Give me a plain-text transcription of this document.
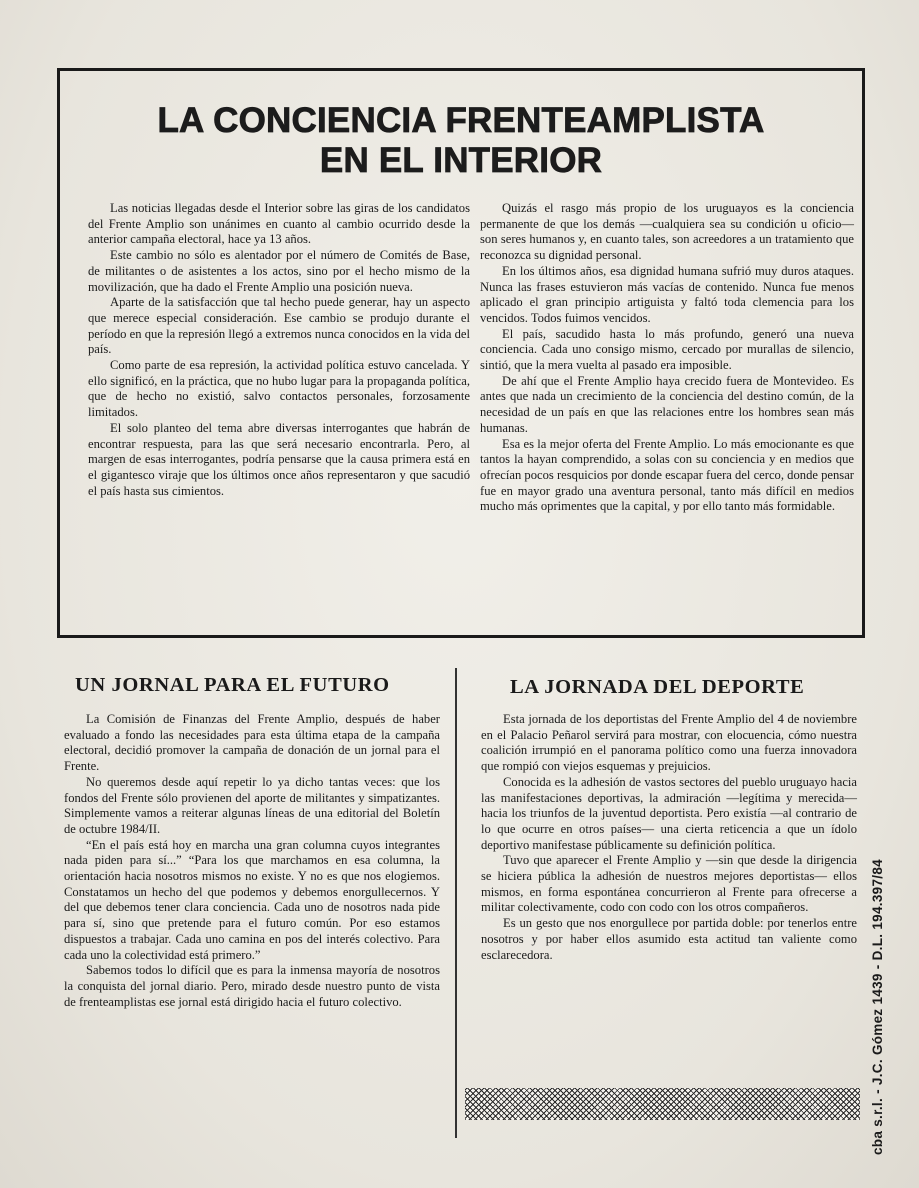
LA CONCIENCIA FRENTEAMPLISTA
EN EL INTERIOR

Las noticias llegadas desde el Interior sobre las giras de los candidatos del Frente Amplio son unánimes en cuanto al cambio ocurrido desde la anterior campaña electoral, hace ya 13 años.

Este cambio no sólo es alentador por el número de Comités de Base, de militantes o de asistentes a los actos, sino por el hecho mismo de la movilización, que ha dado el Frente Amplio una posición nueva.

Aparte de la satisfacción que tal hecho puede generar, hay un aspecto que merece especial consideración. Ese cambio se produjo durante el período en que la represión llegó a extremos nunca conocidos en la vida del país.

Como parte de esa represión, la actividad política estuvo cancelada. Y ello significó, en la práctica, que no hubo lugar para la propaganda política, que de hecho no existió, salvo contactos personales, forzosamente limitados.

El solo planteo del tema abre diversas interrogantes que habrán de encontrar respuesta, para las que será necesario encontrarla. Pero, al margen de esas interrogantes, podría pensarse que la causa primera está en el gigantesco viraje que los últimos once años representaron y que sacudió el país hasta sus cimientos.

Quizás el rasgo más propio de los uruguayos es la conciencia permanente de que los demás —cualquiera sea su condición u oficio— son seres humanos y, en cuanto tales, son acreedores a un tratamiento que reconozca su dignidad personal.

En los últimos años, esa dignidad humana sufrió muy duros ataques. Nunca las frases estuvieron más vacías de contenido. Nunca fue menos aplicado el gran principio artiguista y faltó toda clemencia para los vencidos. Todos fuimos vencidos.

El país, sacudido hasta lo más profundo, generó una nueva conciencia. Cada uno consigo mismo, cercado por murallas de silencio, sintió, que la mera vuelta al pasado era imposible.

De ahí que el Frente Amplio haya crecido fuera de Montevideo. Es antes que nada un crecimiento de la conciencia del destino común, de la necesidad de un país en que las relaciones entre los hombres sean más humanas.

Esa es la mejor oferta del Frente Amplio. Lo más emocionante es que tantos la hayan comprendido, a solas con su conciencia y en medios que ofrecían pocos resquicios por donde escapar fuera del cerco, donde pensar fue en mayor grado una aventura personal, tanto más difícil en medios mucho más oprimentes que la capital, y por ello tanto más formidable.

UN JORNAL PARA EL FUTURO	LA JORNADA DEL DEPORTE

La Comisión de Finanzas del Frente Amplio, después de haber evaluado a fondo las necesidades para esta última etapa de la campaña electoral, decidió promover la campaña de donación de un jornal para el Frente.

No queremos desde aquí repetir lo ya dicho tantas veces: que los fondos del Frente sólo provienen del aporte de militantes y simpatizantes. Simplemente vamos a reiterar algunas líneas de una editorial del Boletín de octubre 1984/II.

“En el país está hoy en marcha una gran columna cuyos integrantes nada piden para sí...” “Para los que marchamos en esa columna, la orientación hacia nosotros mismos no existe. Y no es que nos elogiemos. Constatamos un hecho del que podemos y debemos enorgullecernos. Y del que debemos tener clara conciencia. Cada uno de nosotros nada pide para sí, sino que pretende para el futuro común. Por eso estamos dispuestos a trabajar. Cada uno camina en pos del interés colectivo. Para cada uno la colectividad está primero.”

Sabemos todos lo difícil que es para la inmensa mayoría de nosotros la conquista del jornal diario. Pero, mirado desde nuestro punto de vista de frenteamplistas ese jornal está dirigido hacia el futuro colectivo.

Esta jornada de los deportistas del Frente Amplio del 4 de noviembre en el Palacio Peñarol servirá para mostrar, con elocuencia, cómo nuestra coalición irrumpió en el panorama político como una fuerza innovadora que rompió con viejos esquemas y prejuicios.

Conocida es la adhesión de vastos sectores del pueblo uruguayo hacia las manifestaciones deportivas, la admiración —legítima y merecida— hacia los triunfos de la juventud deportista. Pero existía —al contrario de lo que ocurre en otros países— una cierta reticencia a que un ídolo deportivo manifestase públicamente su definición política.

Tuvo que aparecer el Frente Amplio y —sin que desde la dirigencia se hiciera pública la adhesión de nuestros mejores deportistas— ellos mismos, en forma espontánea concurrieron al Frente para ofrecerse a militar colectivamente, codo con codo con los otros compañeros.

Es un gesto que nos enorgullece por partida doble: por tenerlos entre nosotros y por haber ellos asumido esta actitud tan valiente como esclarecedora.	cba s.r.l. - J.C. Gómez 1439 - D.L. 194.397/84
